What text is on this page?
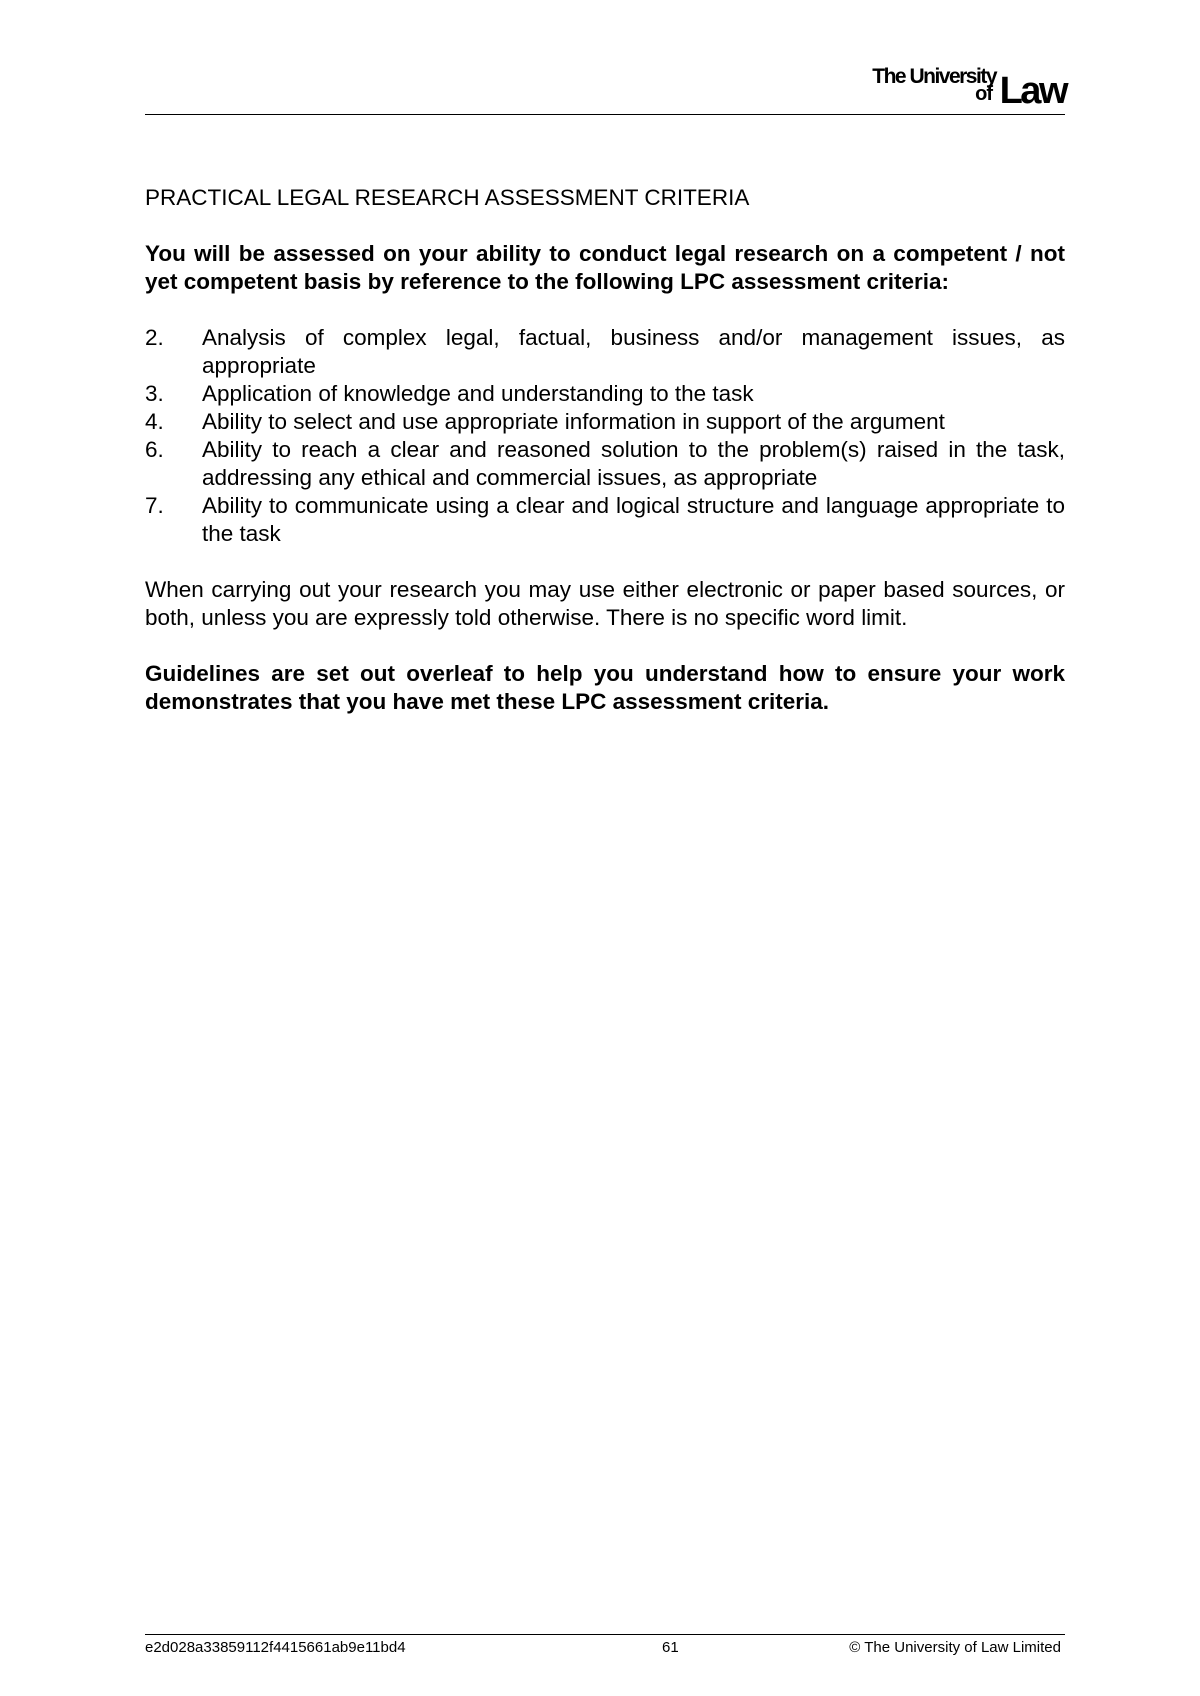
The University
of Law
PRACTICAL LEGAL RESEARCH ASSESSMENT CRITERIA
You will be assessed on your ability to conduct legal research on a competent / not yet competent basis by reference to the following LPC assessment criteria:
2.	Analysis of complex legal, factual, business and/or management issues, as appropriate
3.	Application of knowledge and understanding to the task
4.	Ability to select and use appropriate information in support of the argument
6.	Ability to reach a clear and reasoned solution to the problem(s) raised in the task, addressing any ethical and commercial issues, as appropriate
7.	Ability to communicate using a clear and logical structure and language appropriate to the task
When carrying out your research you may use either electronic or paper based sources, or both, unless you are expressly told otherwise. There is no specific word limit.
Guidelines are set out overleaf to help you understand how to ensure your work demonstrates that you have met these LPC assessment criteria.
e2d028a33859112f4415661ab9e11bd4	61	© The University of Law Limited
